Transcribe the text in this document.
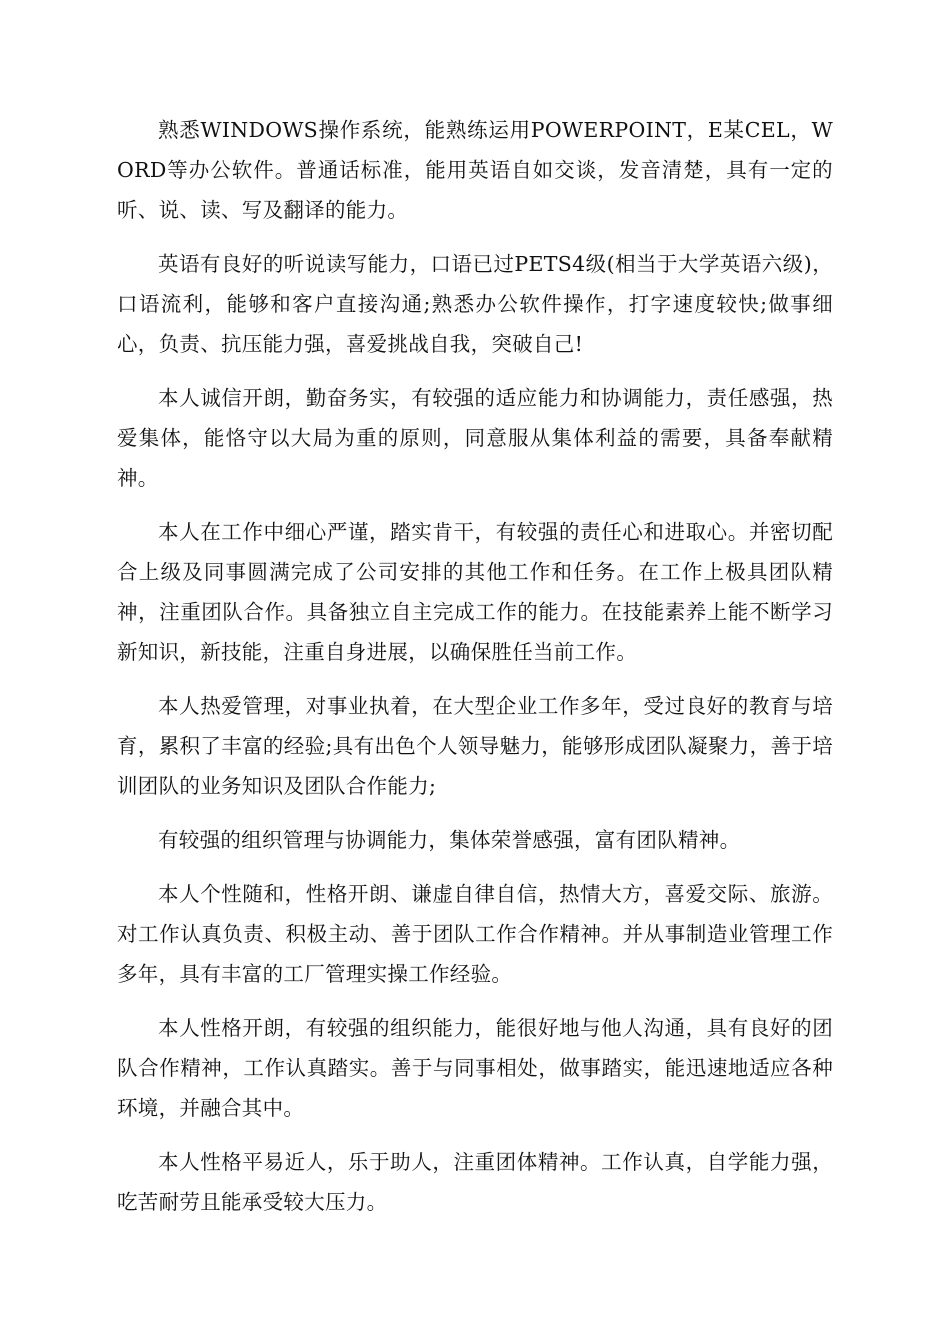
熟悉WINDOWS操作系统，能熟练运用POWERPOINT，E某CEL，WORD等办公软件。普通话标准，能用英语自如交谈，发音清楚，具有一定的听、说、读、写及翻译的能力。

英语有良好的听说读写能力，口语已过PETS4级(相当于大学英语六级)，口语流利，能够和客户直接沟通;熟悉办公软件操作，打字速度较快;做事细心，负责、抗压能力强，喜爱挑战自我，突破自己!

本人诚信开朗，勤奋务实，有较强的适应能力和协调能力，责任感强，热爱集体，能恪守以大局为重的原则，同意服从集体利益的需要，具备奉献精神。

本人在工作中细心严谨，踏实肯干，有较强的责任心和进取心。并密切配合上级及同事圆满完成了公司安排的其他工作和任务。在工作上极具团队精神，注重团队合作。具备独立自主完成工作的能力。在技能素养上能不断学习新知识，新技能，注重自身进展，以确保胜任当前工作。

本人热爱管理，对事业执着，在大型企业工作多年，受过良好的教育与培育，累积了丰富的经验;具有出色个人领导魅力，能够形成团队凝聚力，善于培训团队的业务知识及团队合作能力;

有较强的组织管理与协调能力，集体荣誉感强，富有团队精神。

本人个性随和，性格开朗、谦虚自律自信，热情大方，喜爱交际、旅游。对工作认真负责、积极主动、善于团队工作合作精神。并从事制造业管理工作多年，具有丰富的工厂管理实操工作经验。

本人性格开朗，有较强的组织能力，能很好地与他人沟通，具有良好的团队合作精神，工作认真踏实。善于与同事相处，做事踏实，能迅速地适应各种环境，并融合其中。

本人性格平易近人，乐于助人，注重团体精神。工作认真，自学能力强，吃苦耐劳且能承受较大压力。
